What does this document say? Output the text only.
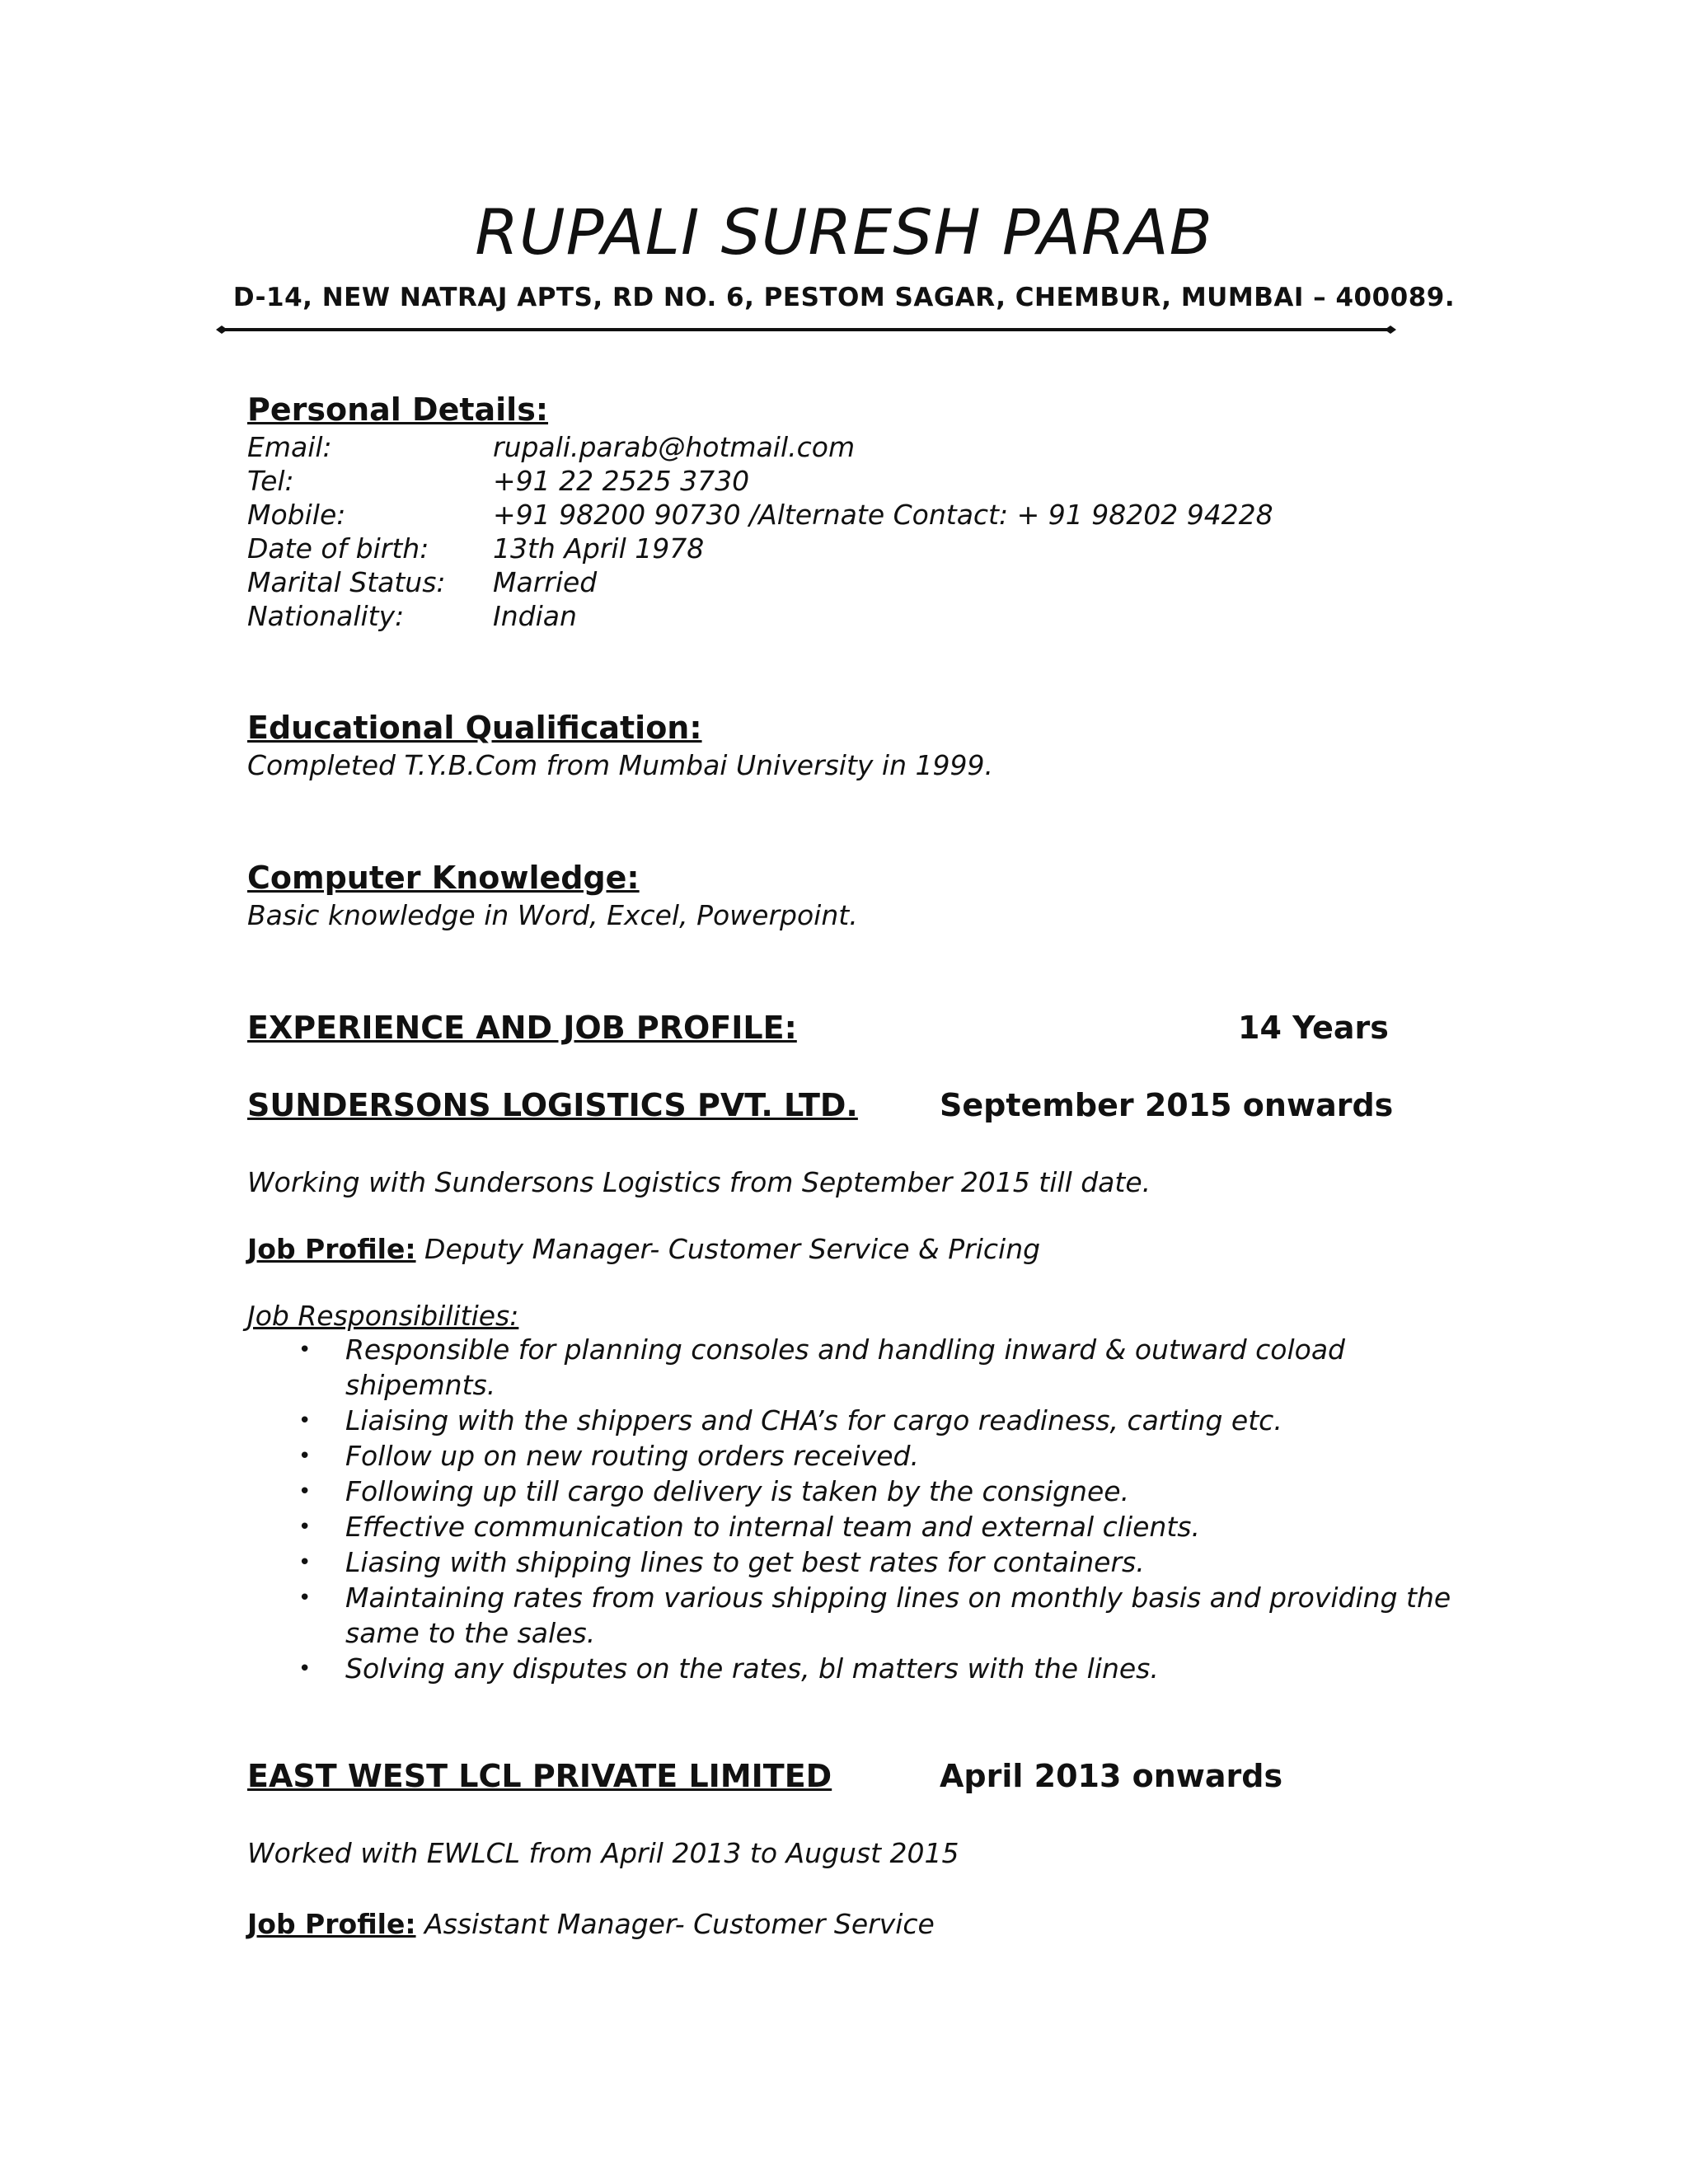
RUPALI SURESH PARAB
D-14, NEW NATRAJ APTS, RD NO. 6, PESTOM SAGAR, CHEMBUR, MUMBAI – 400089.
Personal Details:
Email:	rupali.parab@hotmail.com
Tel:	+91 22 2525 3730
Mobile:	+91 98200 90730 /Alternate Contact: + 91 98202 94228
Date of birth: 13th April 1978
Marital Status: Married
Nationality:	Indian
Educational Qualification:
Completed T.Y.B.Com from Mumbai University in 1999.
Computer Knowledge:
Basic knowledge in Word, Excel, Powerpoint.
EXPERIENCE AND JOB PROFILE:	14 Years
SUNDERSONS LOGISTICS PVT. LTD.	September 2015 onwards
Working with Sundersons Logistics from September 2015 till date.
Job Profile: Deputy Manager- Customer Service & Pricing
Job Responsibilities:
• Responsible for planning consoles and handling inward & outward coload
shipemnts.
• Liaising with the shippers and CHA’s for cargo readiness, carting etc.
• Follow up on new routing orders received.
• Following up till cargo delivery is taken by the consignee.
• Effective communication to internal team and external clients.
• Liasing with shipping lines to get best rates for containers.
• Maintaining rates from various shipping lines on monthly basis and providing the
same to the sales.
• Solving any disputes on the rates, bl matters with the lines.
EAST WEST LCL PRIVATE LIMITED	April 2013 onwards
Worked with EWLCL from April 2013 to August 2015
Job Profile: Assistant Manager- Customer Service
